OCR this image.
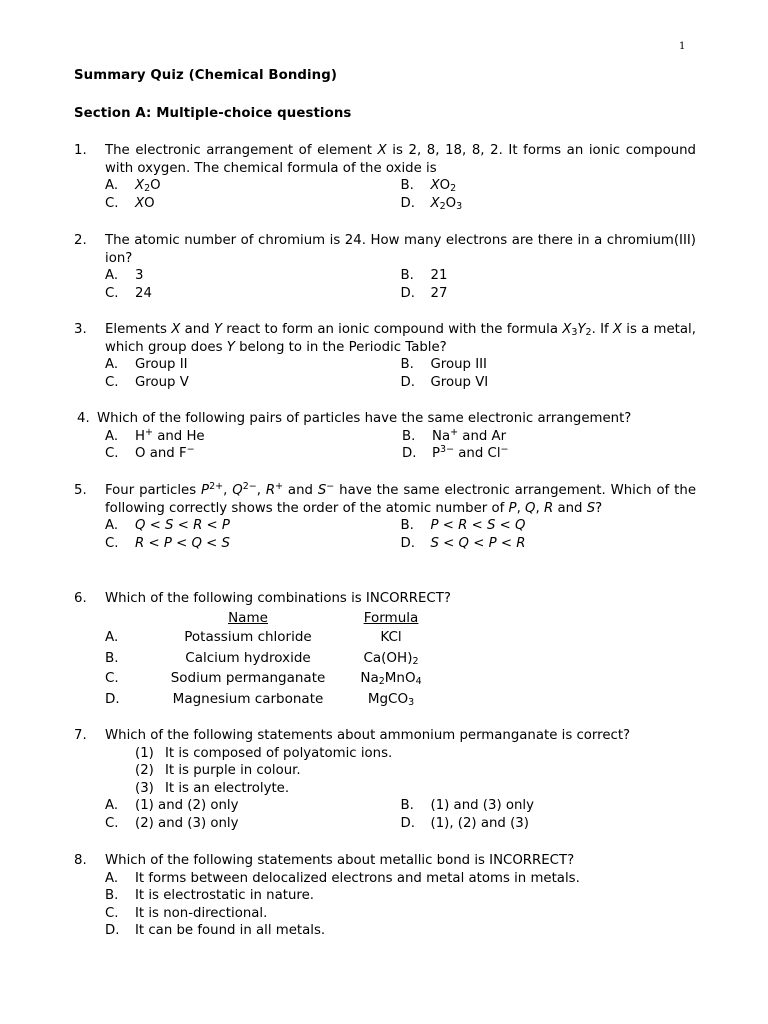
1
Summary Quiz (Chemical Bonding)
Section A: Multiple-choice questions
1.	The electronic arrangement of element X is 2, 8, 18, 8, 2. It forms an ionic compound with oxygen. The chemical formula of the oxide is
A.	$X_2O$	B.	$XO_2$
C.	XO	D.	$X_2O_3$
2.	The atomic number of chromium is 24. How many electrons are there in a chromium(III) ion?
A.	3	B.	21
C.	24	D.	27
3.	Elements X and Y react to form an ionic compound with the formula $X_3Y_2$. If X is a metal, which group does Y belong to in the Periodic Table?
A.	Group II	B.	Group III
C.	Group V	D.	Group VI
4. Which of the following pairs of particles have the same electronic arrangement?
A.	H+ and He	B.	Na+ and Ar
C.	O and F−	D.	$P^{3-}$ and Cl−
5.	Four particles $P^{2+}$, $Q^{2-}$, R+ and S− have the same electronic arrangement. Which of the following correctly shows the order of the atomic number of P, Q, R and S?
A.	Q < S < R < P	B.	P < R < S < Q
C.	R < P < Q < S	D.	S < Q < P < R
6.	Which of the following combinations is INCORRECT?
Name	Formula
A.	Potassium chloride	KCl
B.	Calcium hydroxide	$Ca(OH)_2$
C.	Sodium permanganate	$Na_2MnO_4$
D.	Magnesium carbonate	MgCO$_3$
7.	Which of the following statements about ammonium permanganate is correct?
(1) It is composed of polyatomic ions.
(2) It is purple in colour.
(3) It is an electrolyte.
A.	(1) and (2) only	B.	(1) and (3) only
C.	(2) and (3) only	D.	(1), (2) and (3)
8.	Which of the following statements about metallic bond is INCORRECT?
A.	It forms between delocalized electrons and metal atoms in metals.
B.	It is electrostatic in nature.
C.	It is non-directional.
D.	It can be found in all metals.
